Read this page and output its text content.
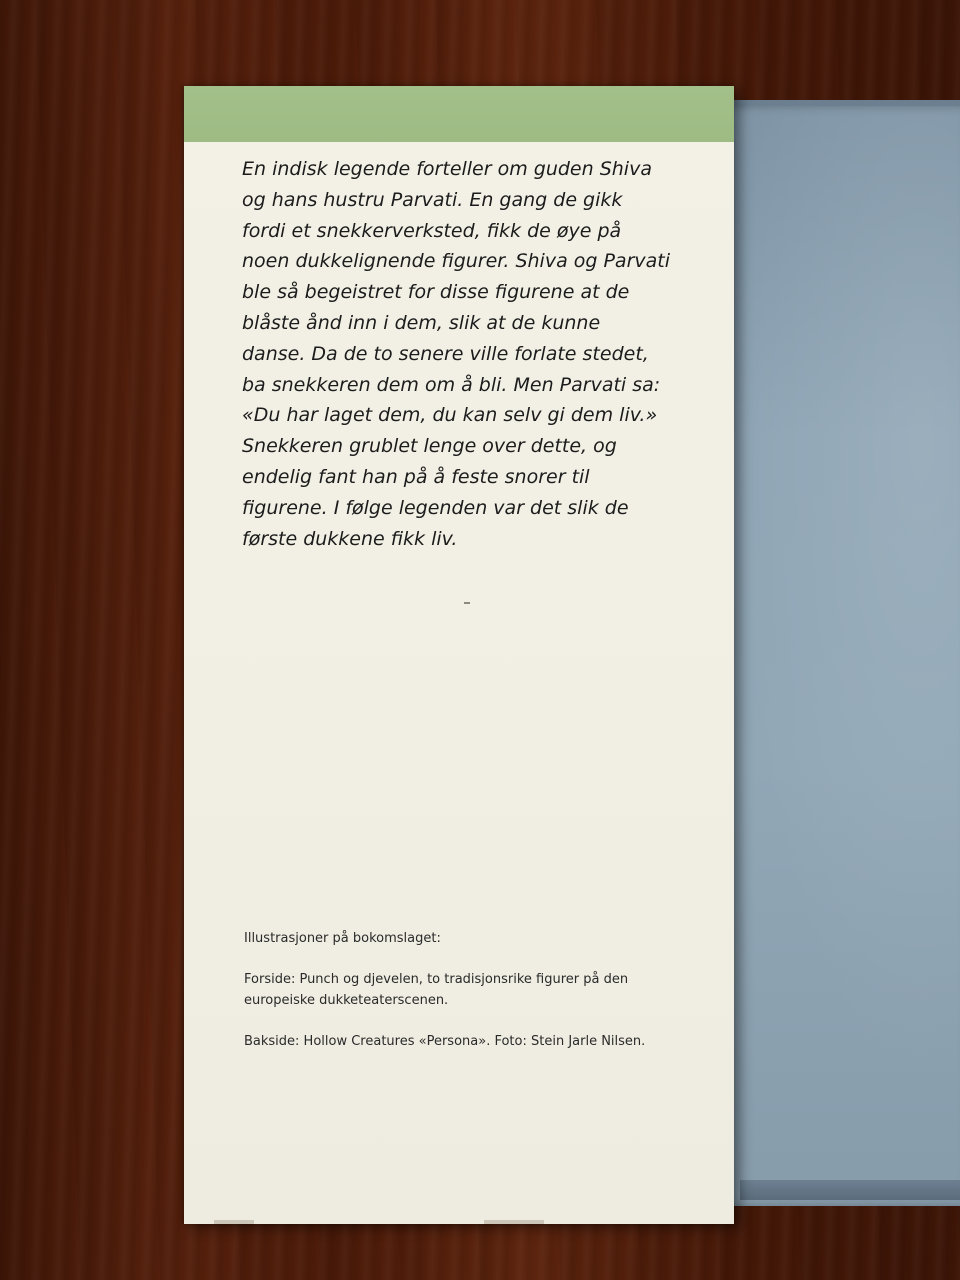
En indisk legende forteller om guden Shiva
og hans hustru Parvati. En gang de gikk
fordi et snekkerverksted, fikk de øye på
noen dukkelignende figurer. Shiva og Parvati
ble så begeistret for disse figurene at de
blåste ånd inn i dem, slik at de kunne
danse. Da de to senere ville forlate stedet,
ba snekkeren dem om å bli. Men Parvati sa:
«Du har laget dem, du kan selv gi dem liv.»
Snekkeren grublet lenge over dette, og
endelig fant han på å feste snorer til
figurene. I følge legenden var det slik de
første dukkene fikk liv.

Illustrasjoner på bokomslaget:
Forside: Punch og djevelen, to tradisjonsrike figurer på den
europeiske dukketeaterscenen.
Bakside: Hollow Creatures «Persona». Foto: Stein Jarle Nilsen.
